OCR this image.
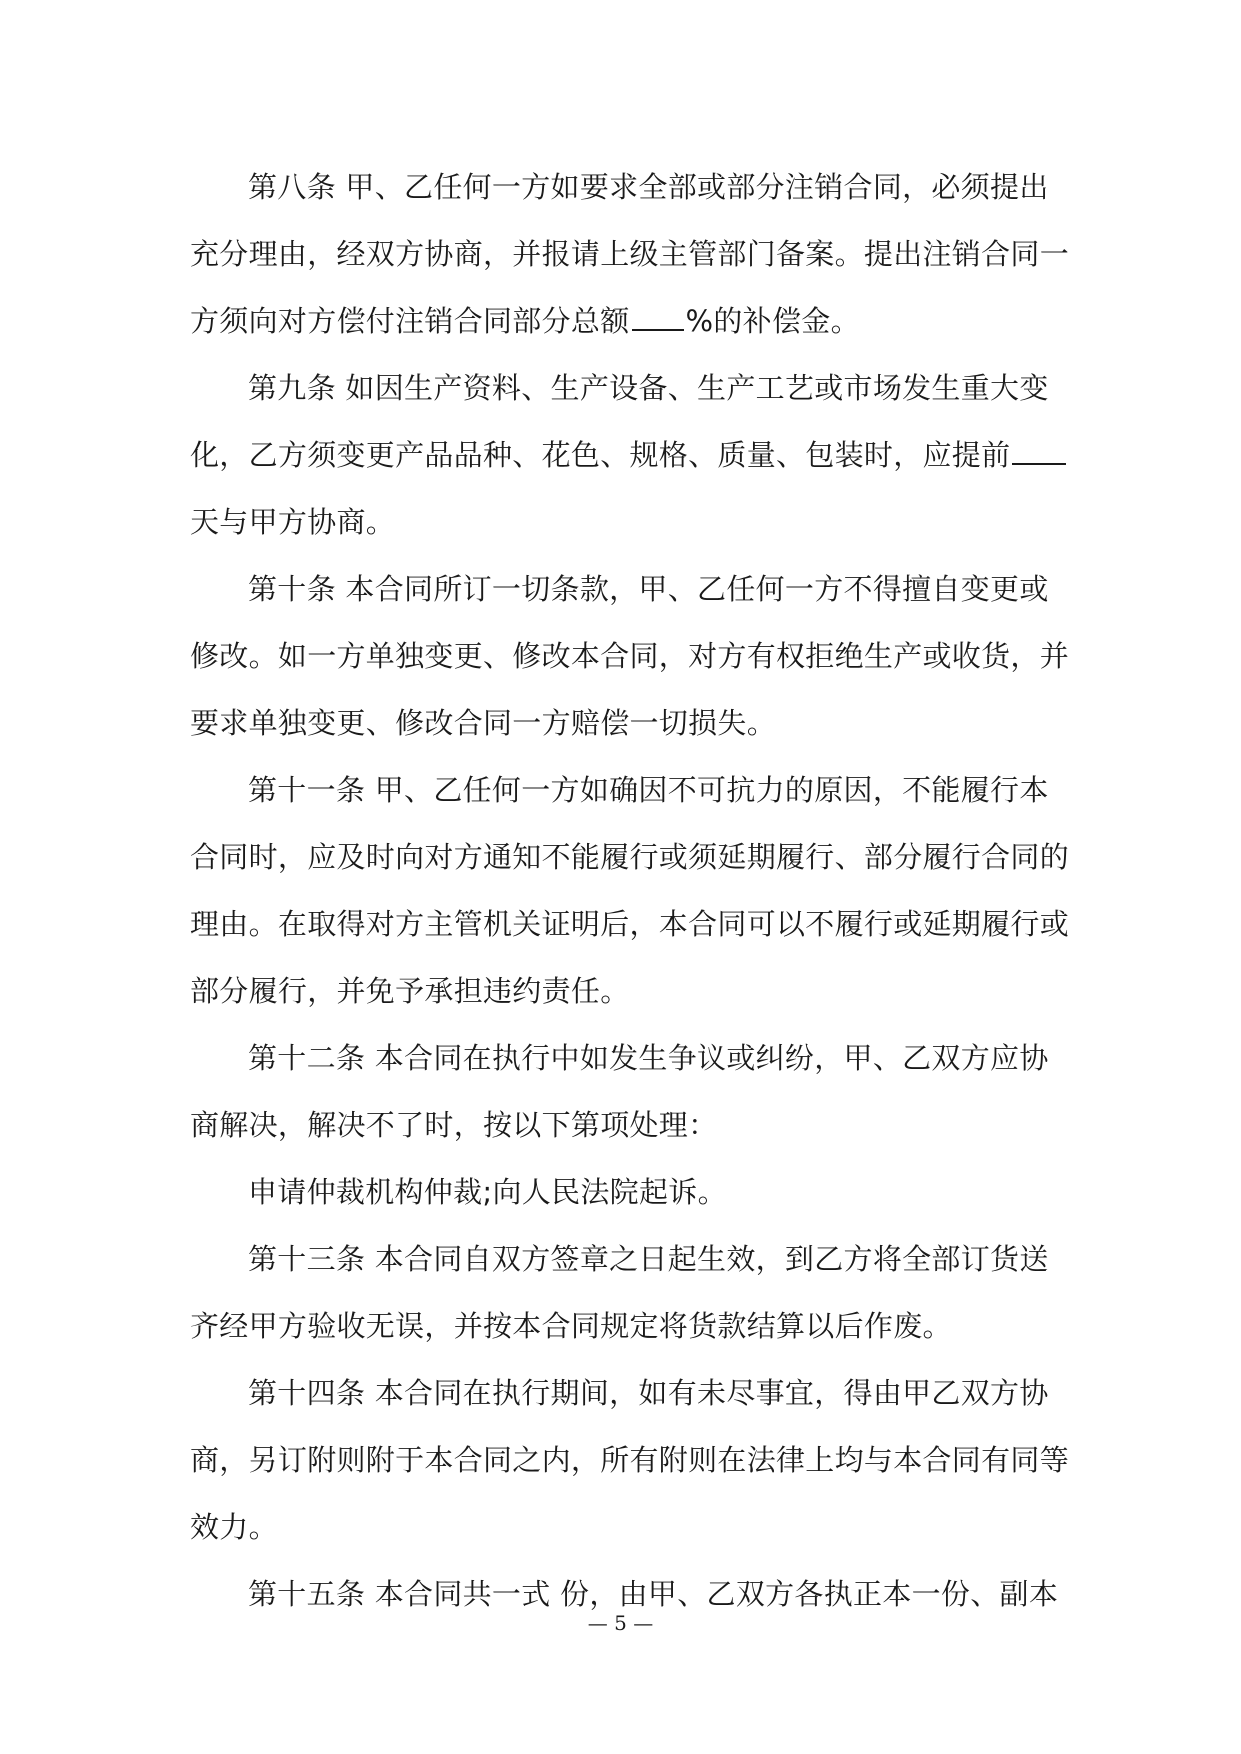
第八条 甲、乙任何一方如要求全部或部分注销合同，必须提出
充分理由，经双方协商，并报请上级主管部门备案。提出注销合同一
方须向对方偿付注销合同部分总额 %的补偿金。
第九条 如因生产资料、生产设备、生产工艺或市场发生重大变
化，乙方须变更产品品种、花色、规格、质量、包装时，应提前
天与甲方协商。
第十条 本合同所订一切条款，甲、乙任何一方不得擅自变更或
修改。如一方单独变更、修改本合同，对方有权拒绝生产或收货，并
要求单独变更、修改合同一方赔偿一切损失。
第十一条 甲、乙任何一方如确因不可抗力的原因，不能履行本
合同时，应及时向对方通知不能履行或须延期履行、部分履行合同的
理由。在取得对方主管机关证明后，本合同可以不履行或延期履行或
部分履行，并免予承担违约责任。
第十二条 本合同在执行中如发生争议或纠纷，甲、乙双方应协
商解决，解决不了时，按以下第项处理：
申请仲裁机构仲裁;向人民法院起诉。
第十三条 本合同自双方签章之日起生效，到乙方将全部订货送
齐经甲方验收无误，并按本合同规定将货款结算以后作废。
第十四条 本合同在执行期间，如有未尽事宜，得由甲乙双方协
商，另订附则附于本合同之内，所有附则在法律上均与本合同有同等
效力。
第十五条 本合同共一式 份，由甲、乙双方各执正本一份、副本
— 5 —
